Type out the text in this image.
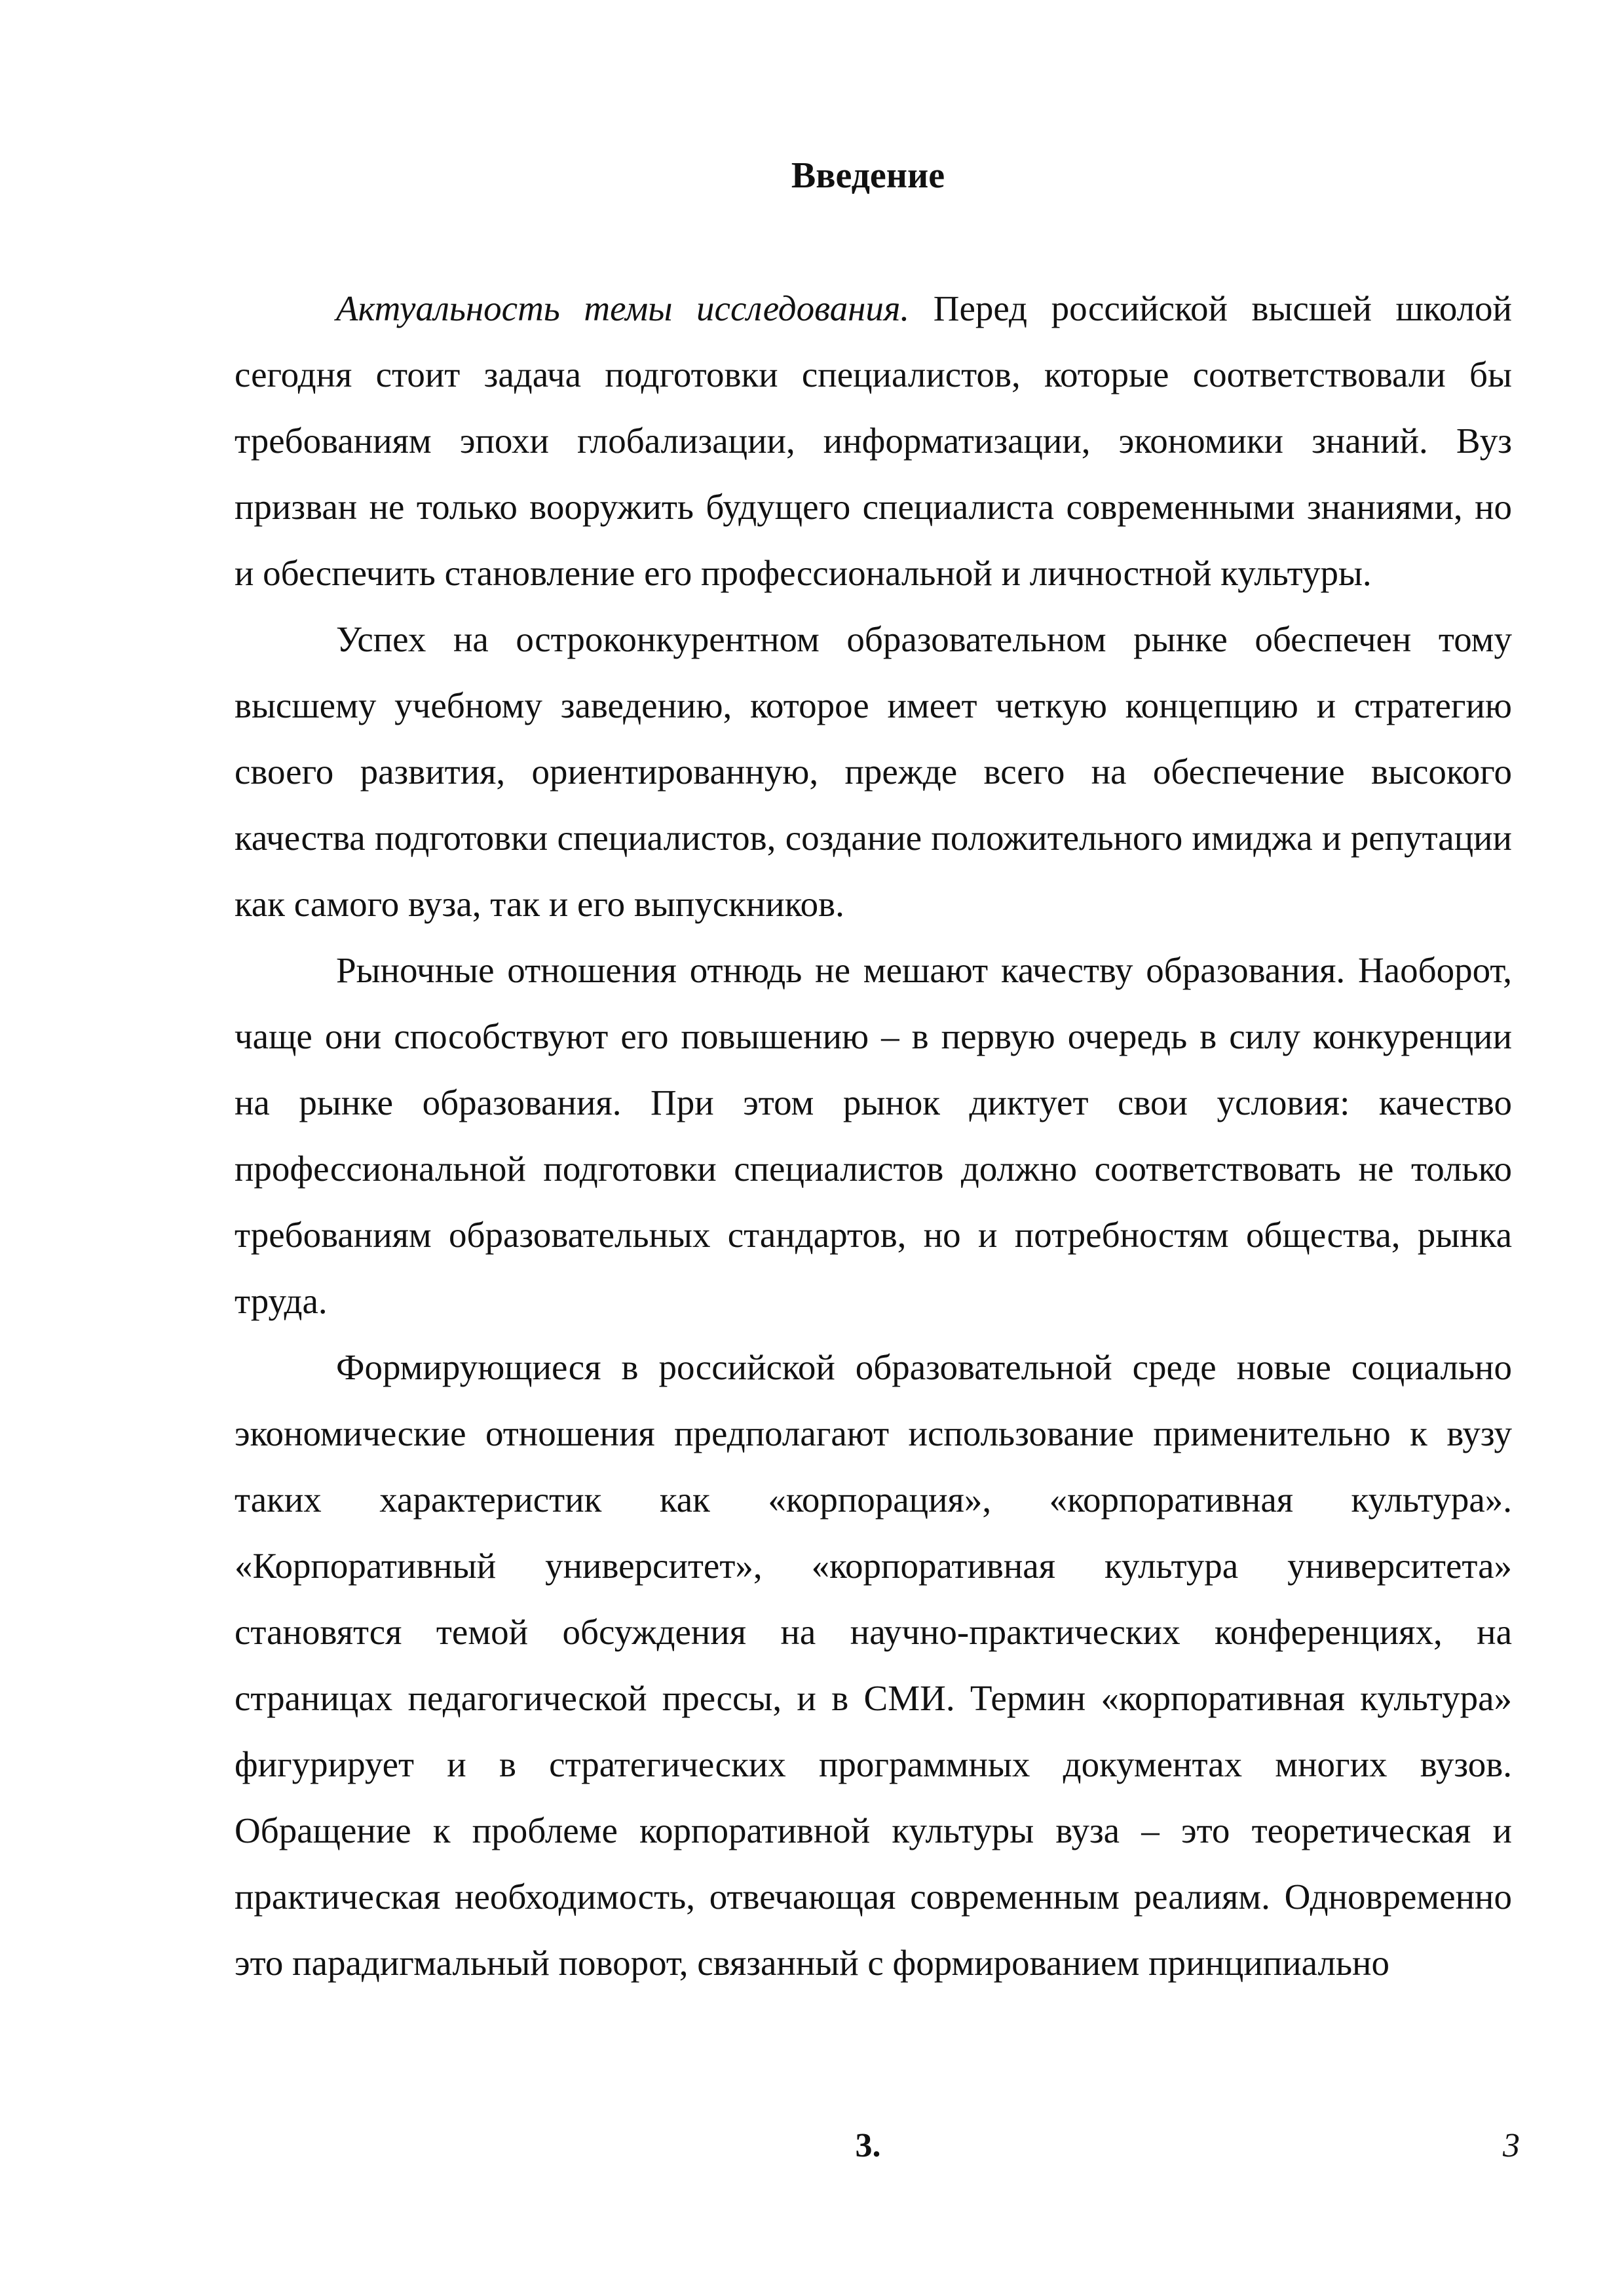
Введение

Актуальность темы исследования. Перед российской высшей школой сегодня стоит задача подготовки специалистов, которые соответствовали бы требованиям эпохи глобализации, информатизации, экономики знаний. Вуз призван не только вооружить будущего специалиста современными знаниями, но и обеспечить становление его профессиональной и личностной культуры.

Успех на остроконкурентном образовательном рынке обеспечен тому высшему учебному заведению, которое имеет четкую концепцию и стратегию своего развития, ориентированную, прежде всего на обеспечение высокого качества подготовки специалистов, создание положительного имиджа и репутации как самого вуза, так и его выпускников.

Рыночные отношения отнюдь не мешают качеству образования. Наоборот, чаще они способствуют его повышению – в первую очередь в силу конкуренции на рынке образования. При этом рынок диктует свои условия: качество профессиональной подготовки специалистов должно соответствовать не только требованиям образовательных стандартов, но и потребностям общества, рынка труда.

Формирующиеся в российской образовательной среде новые социально экономические отношения предполагают использование применительно к вузу таких характеристик как «корпорация», «корпоративная культура». «Корпоративный университет», «корпоративная культура университета» становятся темой обсуждения на научно-практических конференциях, на страницах педагогической прессы, и в СМИ. Термин «корпоративная культура» фигурирует и в стратегических программных документах многих вузов. Обращение к проблеме корпоративной культуры вуза – это теоретическая и практическая необходимость, отвечающая современным реалиям. Одновременно это парадигмальный поворот, связанный с формированием принципиально

3.	3
